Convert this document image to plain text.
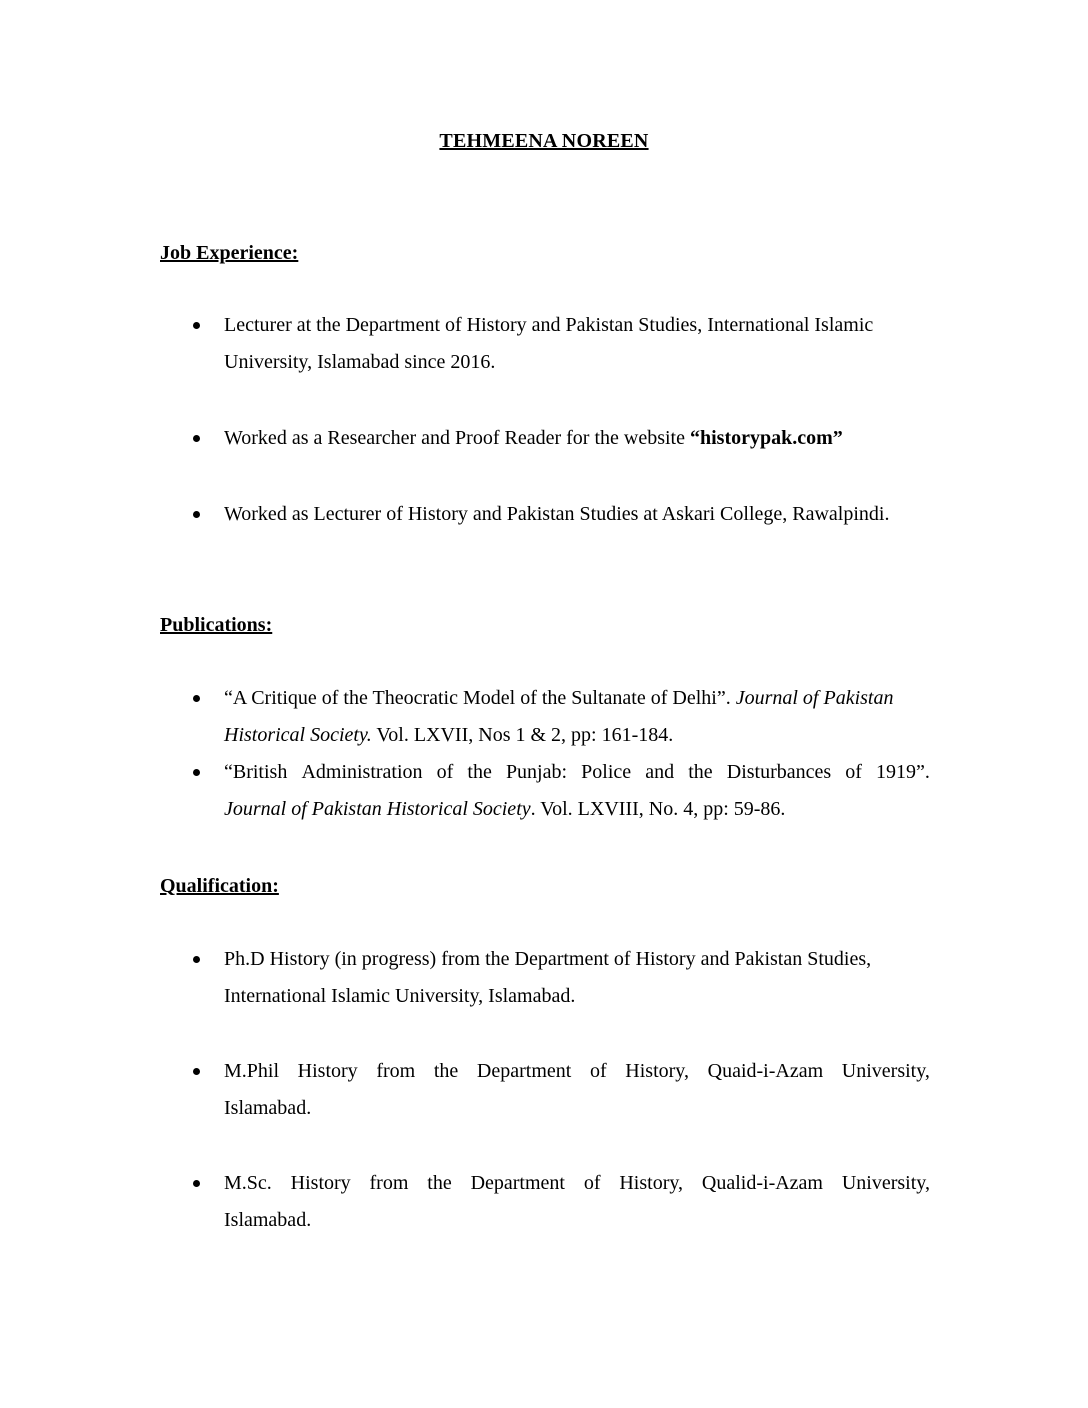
TEHMEENA NOREEN
Job Experience:
Lecturer at the Department of History and Pakistan Studies, International Islamic
University, Islamabad since 2016.
Worked as a Researcher and Proof Reader for the website “historypak.com”
Worked as Lecturer of History and Pakistan Studies at Askari College, Rawalpindi.
Publications:
“A Critique of the Theocratic Model of the Sultanate of Delhi”. Journal of Pakistan
Historical Society. Vol. LXVII, Nos 1 & 2, pp: 161-184.
“British Administration of the Punjab: Police and the Disturbances of 1919”.
Journal of Pakistan Historical Society. Vol. LXVIII, No. 4, pp: 59-86.
Qualification:
Ph.D History (in progress) from the Department of History and Pakistan Studies,
International Islamic University, Islamabad.
M.Phil History from the Department of History, Quaid-i-Azam University,
Islamabad.
M.Sc. History from the Department of History, Qualid-i-Azam University,
Islamabad.
